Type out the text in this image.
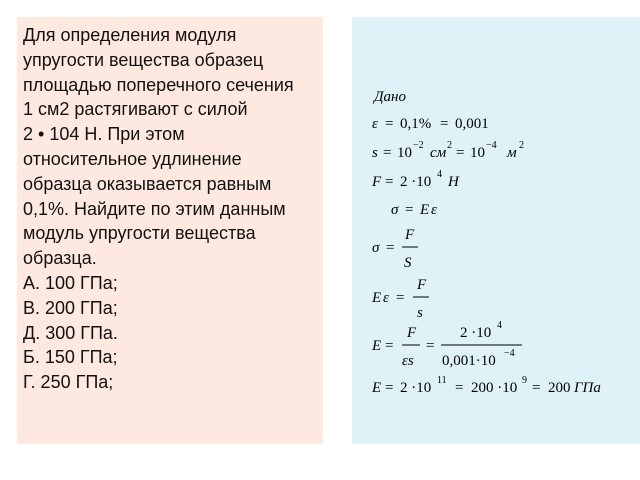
Для определения модуля
упругости вещества образец
площадью поперечного сечения
1 см2 растягивают с силой
2 • 104 Н. При этом
относительное удлинение
образца оказывается равным
0,1%. Найдите по этим данным
модуль упругости вещества
образца.
А. 100 ГПа;
В. 200 ГПа;
Д. 300 ГПа.
Б. 150 ГПа;
Г. 250 ГПа;
Дано
ε = 0,1% = 0,001
s = 10 −2 см 2 = 10 −4 м 2
F = 2 ·10 4 Н
σ = E ε
σ =
F
S
E ε =
F
s
E =
F
εs
=
2 ·10 4
0,001·10 −4
E = 2 ·10 11 = 200 ·10 9 = 200 ГПа
